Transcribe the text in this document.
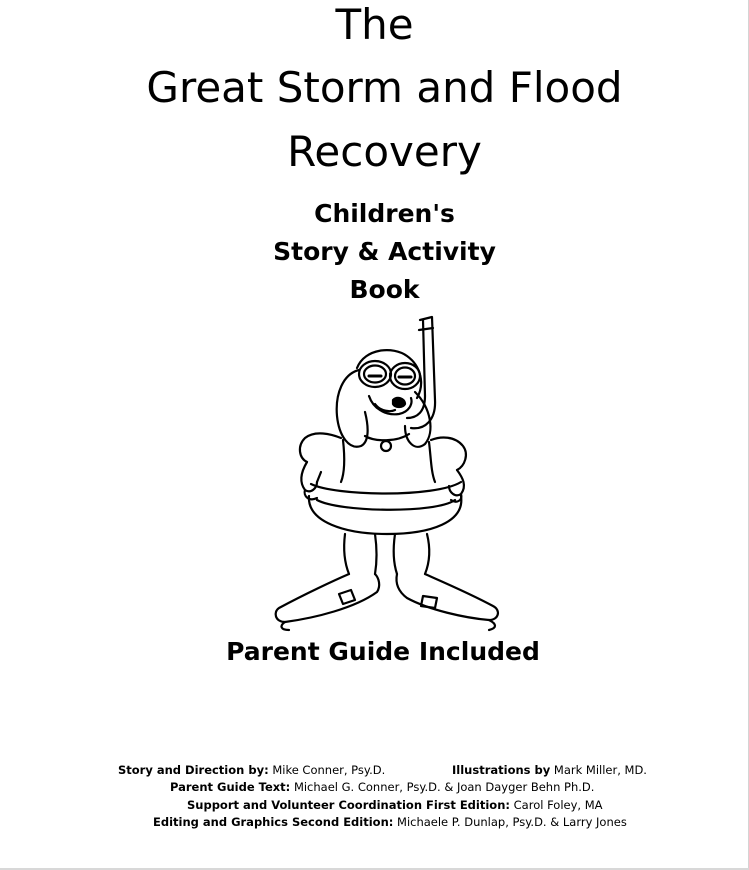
The
Great Storm and Flood
Recovery
Children's
Story & Activity
Book
Parent Guide Included
Story and Direction by: Mike Conner, Psy.D.	Illustrations by Mark Miller, MD.
Parent Guide Text: Michael G. Conner, Psy.D. & Joan Dayger Behn Ph.D.
Support and Volunteer Coordination First Edition: Carol Foley, MA
Editing and Graphics Second Edition: Michaele P. Dunlap, Psy.D. & Larry Jones
